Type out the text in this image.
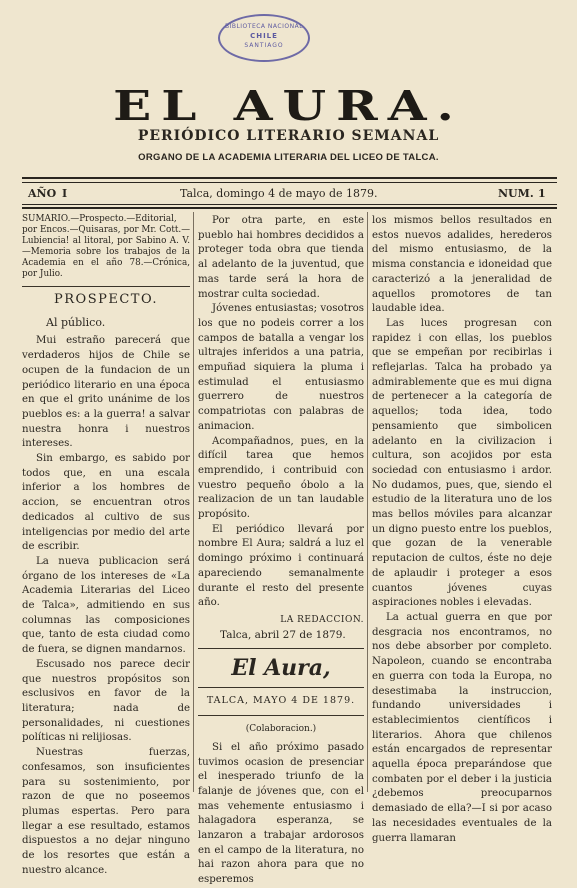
BIBLIOTECA NACIONAL
CHILE
SANTIAGO
EL AURA.
PERIÓDICO LITERARIO SEMANAL
ORGANO DE LA ACADEMIA LITERARIA DEL LICEO DE TALCA.
AÑO I	Talca, domingo 4 de mayo de 1879.	NUM. 1

SUMARIO.—Prospecto.—Editorial, por Encos.—Quisaras, por Mr. Cott.—Lubiencia! al litoral, por Sabino A. V.—Memoria sobre los trabajos de la Academia en el año 78.—Crónica, por Julio.

PROSPECTO.
Al público.

Mui estraño parecerá que verdaderos hijos de Chile se ocupen de la fundacion de un periódico literario en una época en que el grito unánime de los pueblos es: a la guerra! a salvar nuestra honra i nuestros intereses.

Sin embargo, es sabido por todos que, en una escala inferior a los hombres de accion, se encuentran otros dedicados al cultivo de sus inteligencias por medio del arte de escribir.

La nueva publicacion será órgano de los intereses de «La Academia Literarias del Liceo de Talca», admitiendo en sus columnas las composiciones que, tanto de esta ciudad como de fuera, se dignen mandarnos.

Escusado nos parece decir que nuestros propósitos son esclusivos en favor de la literatura; nada de personalidades, ni cuestiones políticas ni relijiosas.

Nuestras fuerzas, confesamos, son insuficientes para su sostenimiento, por razon de que no poseemos plumas espertas. Pero para llegar a ese resultado, estamos dispuestos a no dejar ninguno de los resortes que están a nuestro alcance.

Por otra parte, en este pueblo hai hombres decididos a proteger toda obra que tienda al adelanto de la juventud, que mas tarde será la hora de mostrar culta sociedad.

Jóvenes entusiastas; vosotros los que no podeis correr a los campos de batalla a vengar los ultrajes inferidos a una patria, empuñad siquiera la pluma i estimulad el entusiasmo guerrero de nuestros compatriotas con palabras de animacion.

Acompañadnos, pues, en la difícil tarea que hemos emprendido, i contribuid con vuestro pequeño óbolo a la realizacion de un tan laudable propósito.

El periódico llevará por nombre El Aura; saldrá a luz el domingo próximo i continuará apareciendo semanalmente durante el resto del presente año.

LA REDACCION.
Talca, abril 27 de 1879.
El Aura,
TALCA, MAYO 4 DE 1879.
(Colaboracion.)

Si el año próximo pasado tuvimos ocasion de presenciar el inesperado triunfo de la falanje de jóvenes que, con el mas vehemente entusiasmo i halagadora esperanza, se lanzaron a trabajar ardorosos en el campo de la literatura, no hai razon ahora para que no esperemos

los mismos bellos resultados en estos nuevos adalides, herederos del mismo entusiasmo, de la misma constancia e idoneidad que caracterizó a la jeneralidad de aquellos promotores de tan laudable idea.

Las luces progresan con rapidez i con ellas, los pueblos que se empeñan por recibirlas i reflejarlas. Talca ha probado ya admirablemente que es mui digna de pertenecer a la categoría de aquellos; toda idea, todo pensamiento que simbolicen adelanto en la civilizacion i cultura, son acojidos por esta sociedad con entusiasmo i ardor. No dudamos, pues, que, siendo el estudio de la literatura uno de los mas bellos móviles para alcanzar un digno puesto entre los pueblos, que gozan de la venerable reputacion de cultos, éste no deje de aplaudir i proteger a esos cuantos jóvenes cuyas aspiraciones nobles i elevadas.

La actual guerra en que por desgracia nos encontramos, no nos debe absorber por completo. Napoleon, cuando se encontraba en guerra con toda la Europa, no desestimaba la instruccion, fundando universidades i establecimientos científicos i literarios. Ahora que chilenos están encargados de representar aquella época preparándose que combaten por el deber i la justicia ¿debemos preocuparnos demasiado de ella?—I si por acaso las necesidades eventuales de la guerra llamaran
